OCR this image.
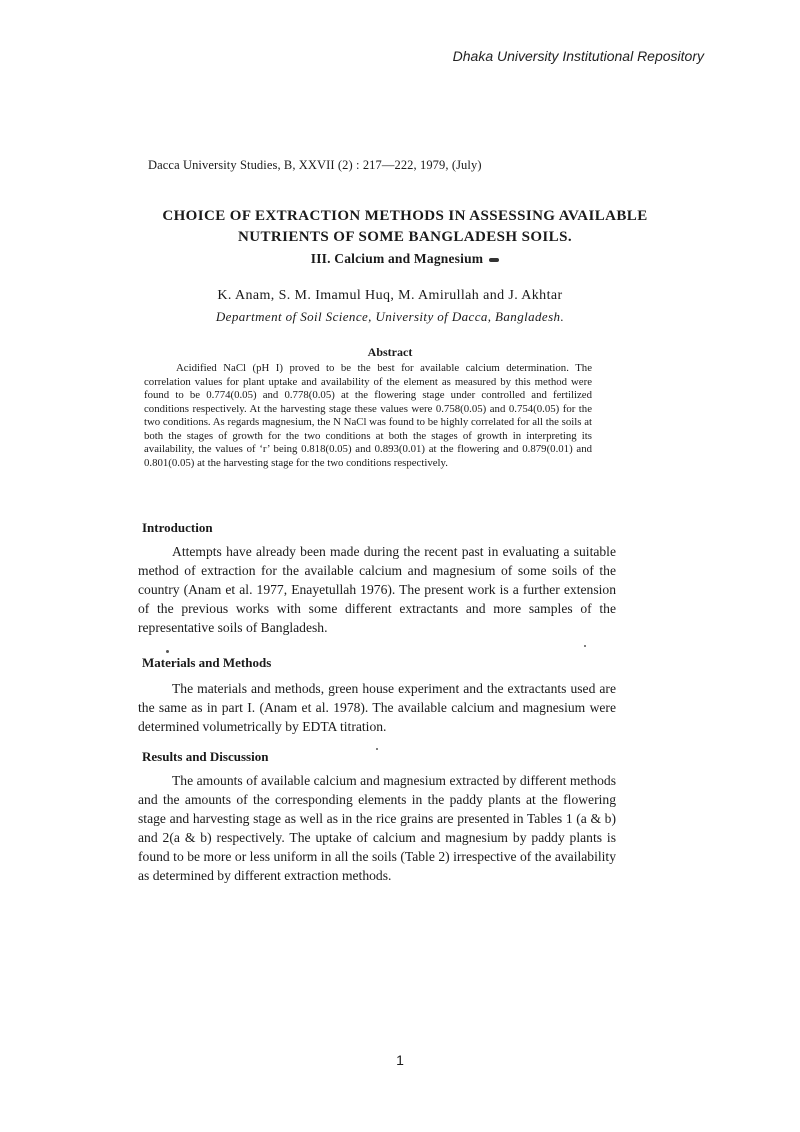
Dhaka University Institutional Repository
Dacca University Studies, B, XXVII (2) : 217—222, 1979, (July)
CHOICE OF EXTRACTION METHODS IN ASSESSING AVAILABLE
NUTRIENTS OF SOME BANGLADESH SOILS.
III. Calcium and Magnesium
K. Anam, S. M. Imamul Huq, M. Amirullah and J. Akhtar
Department of Soil Science, University of Dacca, Bangladesh.
Abstract

Acidified NaCl (pH I) proved to be the best for available calcium determination. The correlation values for plant uptake and availability of the element as measured by this method were found to be 0.774(0.05) and 0.778(0.05) at the flowering stage under controlled and fertilized conditions respectively. At the harvesting stage these values were 0.758(0.05) and 0.754(0.05) for the two conditions. As regards magnesium, the N NaCl was found to be highly correlated for all the soils at both the stages of growth for the two conditions at both the stages of growth in interpreting its availability, the values of ‘r’ being 0.818(0.05) and 0.893(0.01) at the flowering and 0.879(0.01) and 0.801(0.05) at the harvesting stage for the two conditions respectively.

Introduction

Attempts have already been made during the recent past in evaluating a suitable method of extraction for the available calcium and magnesium of some soils of the country (Anam et al. 1977, Enayetullah 1976). The present work is a further extension of the previous works with some different extractants and more samples of the representative soils of Bangladesh.

Materials and Methods

The materials and methods, green house experiment and the extractants used are the same as in part I. (Anam et al. 1978). The available calcium and magnesium were determined volumetrically by EDTA titration.

Results and Discussion

The amounts of available calcium and magnesium extracted by different methods and the amounts of the corresponding elements in the paddy plants at the flowering stage and harvesting stage as well as in the rice grains are presented in Tables 1 (a & b) and 2(a & b) respectively. The uptake of calcium and magnesium by paddy plants is found to be more or less uniform in all the soils (Table 2) irrespective of the availability as determined by different extraction methods.

1
